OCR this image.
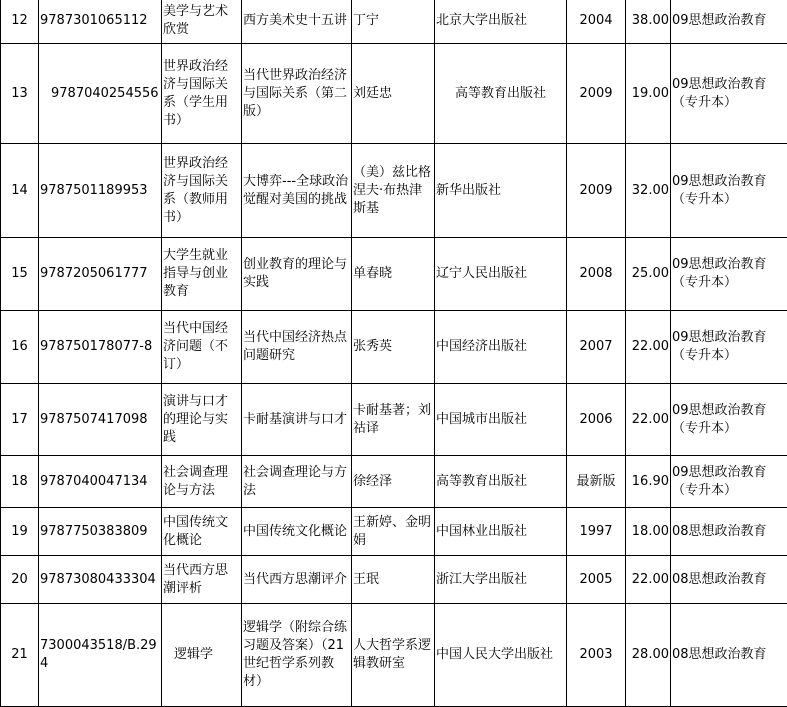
12	9787301065112	美学与艺术欣赏	西方美术史十五讲	丁宁	北京大学出版社	2004	38.00	09思想政治教育
13	9787040254556	世界政治经济与国际关系（学生用书）	当代世界政治经济与国际关系（第二版）	刘廷忠	高等教育出版社	2009	19.00	09思想政治教育（专升本）
14	9787501189953	世界政治经济与国际关系（教师用书）	大博弈---全球政治觉醒对美国的挑战	（美）兹比格涅夫·布热津斯基	新华出版社	2009	32.00	09思想政治教育（专升本）
15	9787205061777	大学生就业指导与创业教育	创业教育的理论与实践	单春晓	辽宁人民出版社	2008	25.00	09思想政治教育（专升本）
16	978750178077-8	当代中国经济问题（不订）	当代中国经济热点问题研究	张秀英	中国经济出版社	2007	22.00	09思想政治教育（专升本）
17	9787507417098	演讲与口才的理论与实践	卡耐基演讲与口才	卡耐基著；刘祜译	中国城市出版社	2006	22.00	09思想政治教育（专升本）
18	9787040047134	社会调查理论与方法	社会调查理论与方法	徐经泽	高等教育出版社	最新版	16.90	09思想政治教育（专升本）
19	9787750383809	中国传统文化概论	中国传统文化概论	王新婷、金明娟	中国林业出版社	1997	18.00	08思想政治教育
20	97873080433304	当代西方思潮评析	当代西方思潮评介	王珉	浙江大学出版社	2005	22.00	08思想政治教育
21	7300043518/B.294	逻辑学	逻辑学（附综合练习题及答案）（21世纪哲学系列教材）	人大哲学系逻辑教研室	中国人民大学出版社	2003	28.00	08思想政治教育
